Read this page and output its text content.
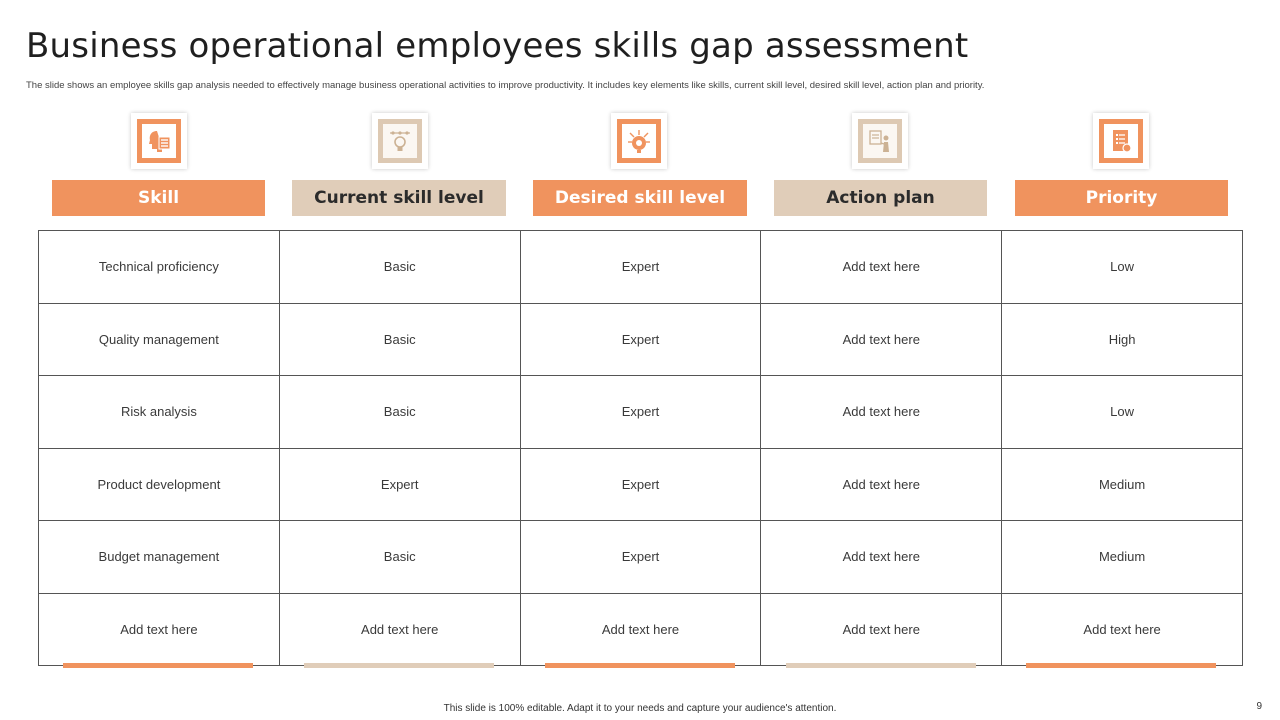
Business operational employees skills gap assessment
The slide shows an employee skills gap analysis needed to effectively manage business operational activities to improve productivity. It includes key elements like skills, current skill level, desired skill level, action plan and priority.
Skill	Current skill level	Desired skill level	Action plan	Priority
Technical proficiency	Basic	Expert	Add text here	Low
Quality management	Basic	Expert	Add text here	High
Risk analysis	Basic	Expert	Add text here	Low
Product development	Expert	Expert	Add text here	Medium
Budget management	Basic	Expert	Add text here	Medium
Add text here	Add text here	Add text here	Add text here	Add text here
This slide is 100% editable. Adapt it to your needs and capture your audience's attention.	9
